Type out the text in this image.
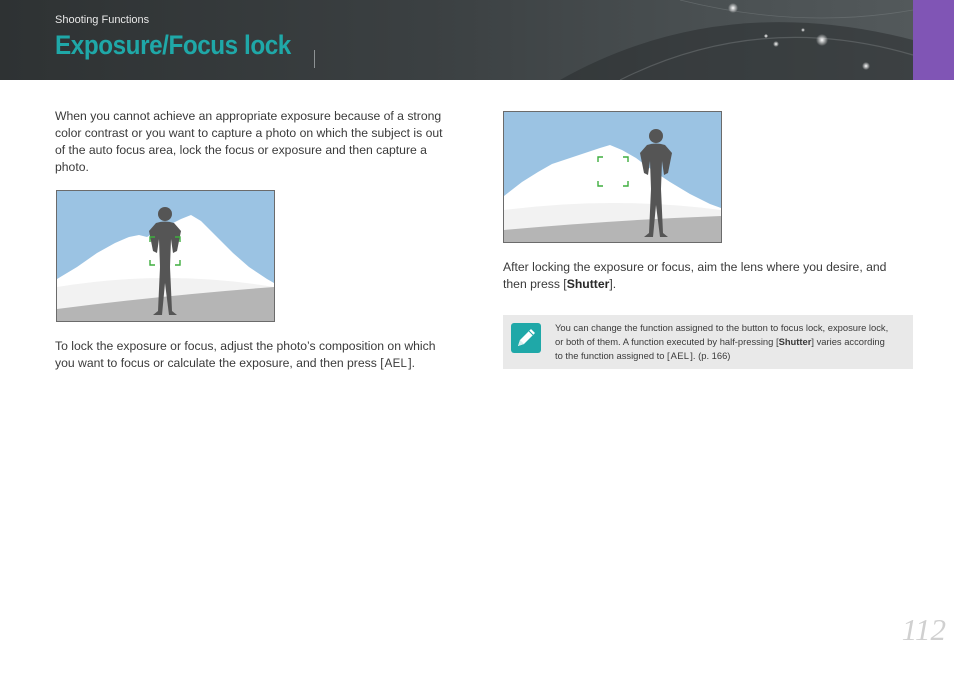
Shooting Functions
Exposure/Focus lock

When you cannot achieve an appropriate exposure because of a strong color contrast or you want to capture a photo on which the subject is out of the auto focus area, lock the focus or exposure and then capture a photo.

To lock the exposure or focus, adjust the photo’s composition on which you want to focus or calculate the exposure, and then press [AEL].

After locking the exposure or focus, aim the lens where you desire, and then press [Shutter].

You can change the function assigned to the button to focus lock, exposure lock, or both of them. A function executed by half-pressing [Shutter] varies according to the function assigned to [AEL]. (p. 166)

112
